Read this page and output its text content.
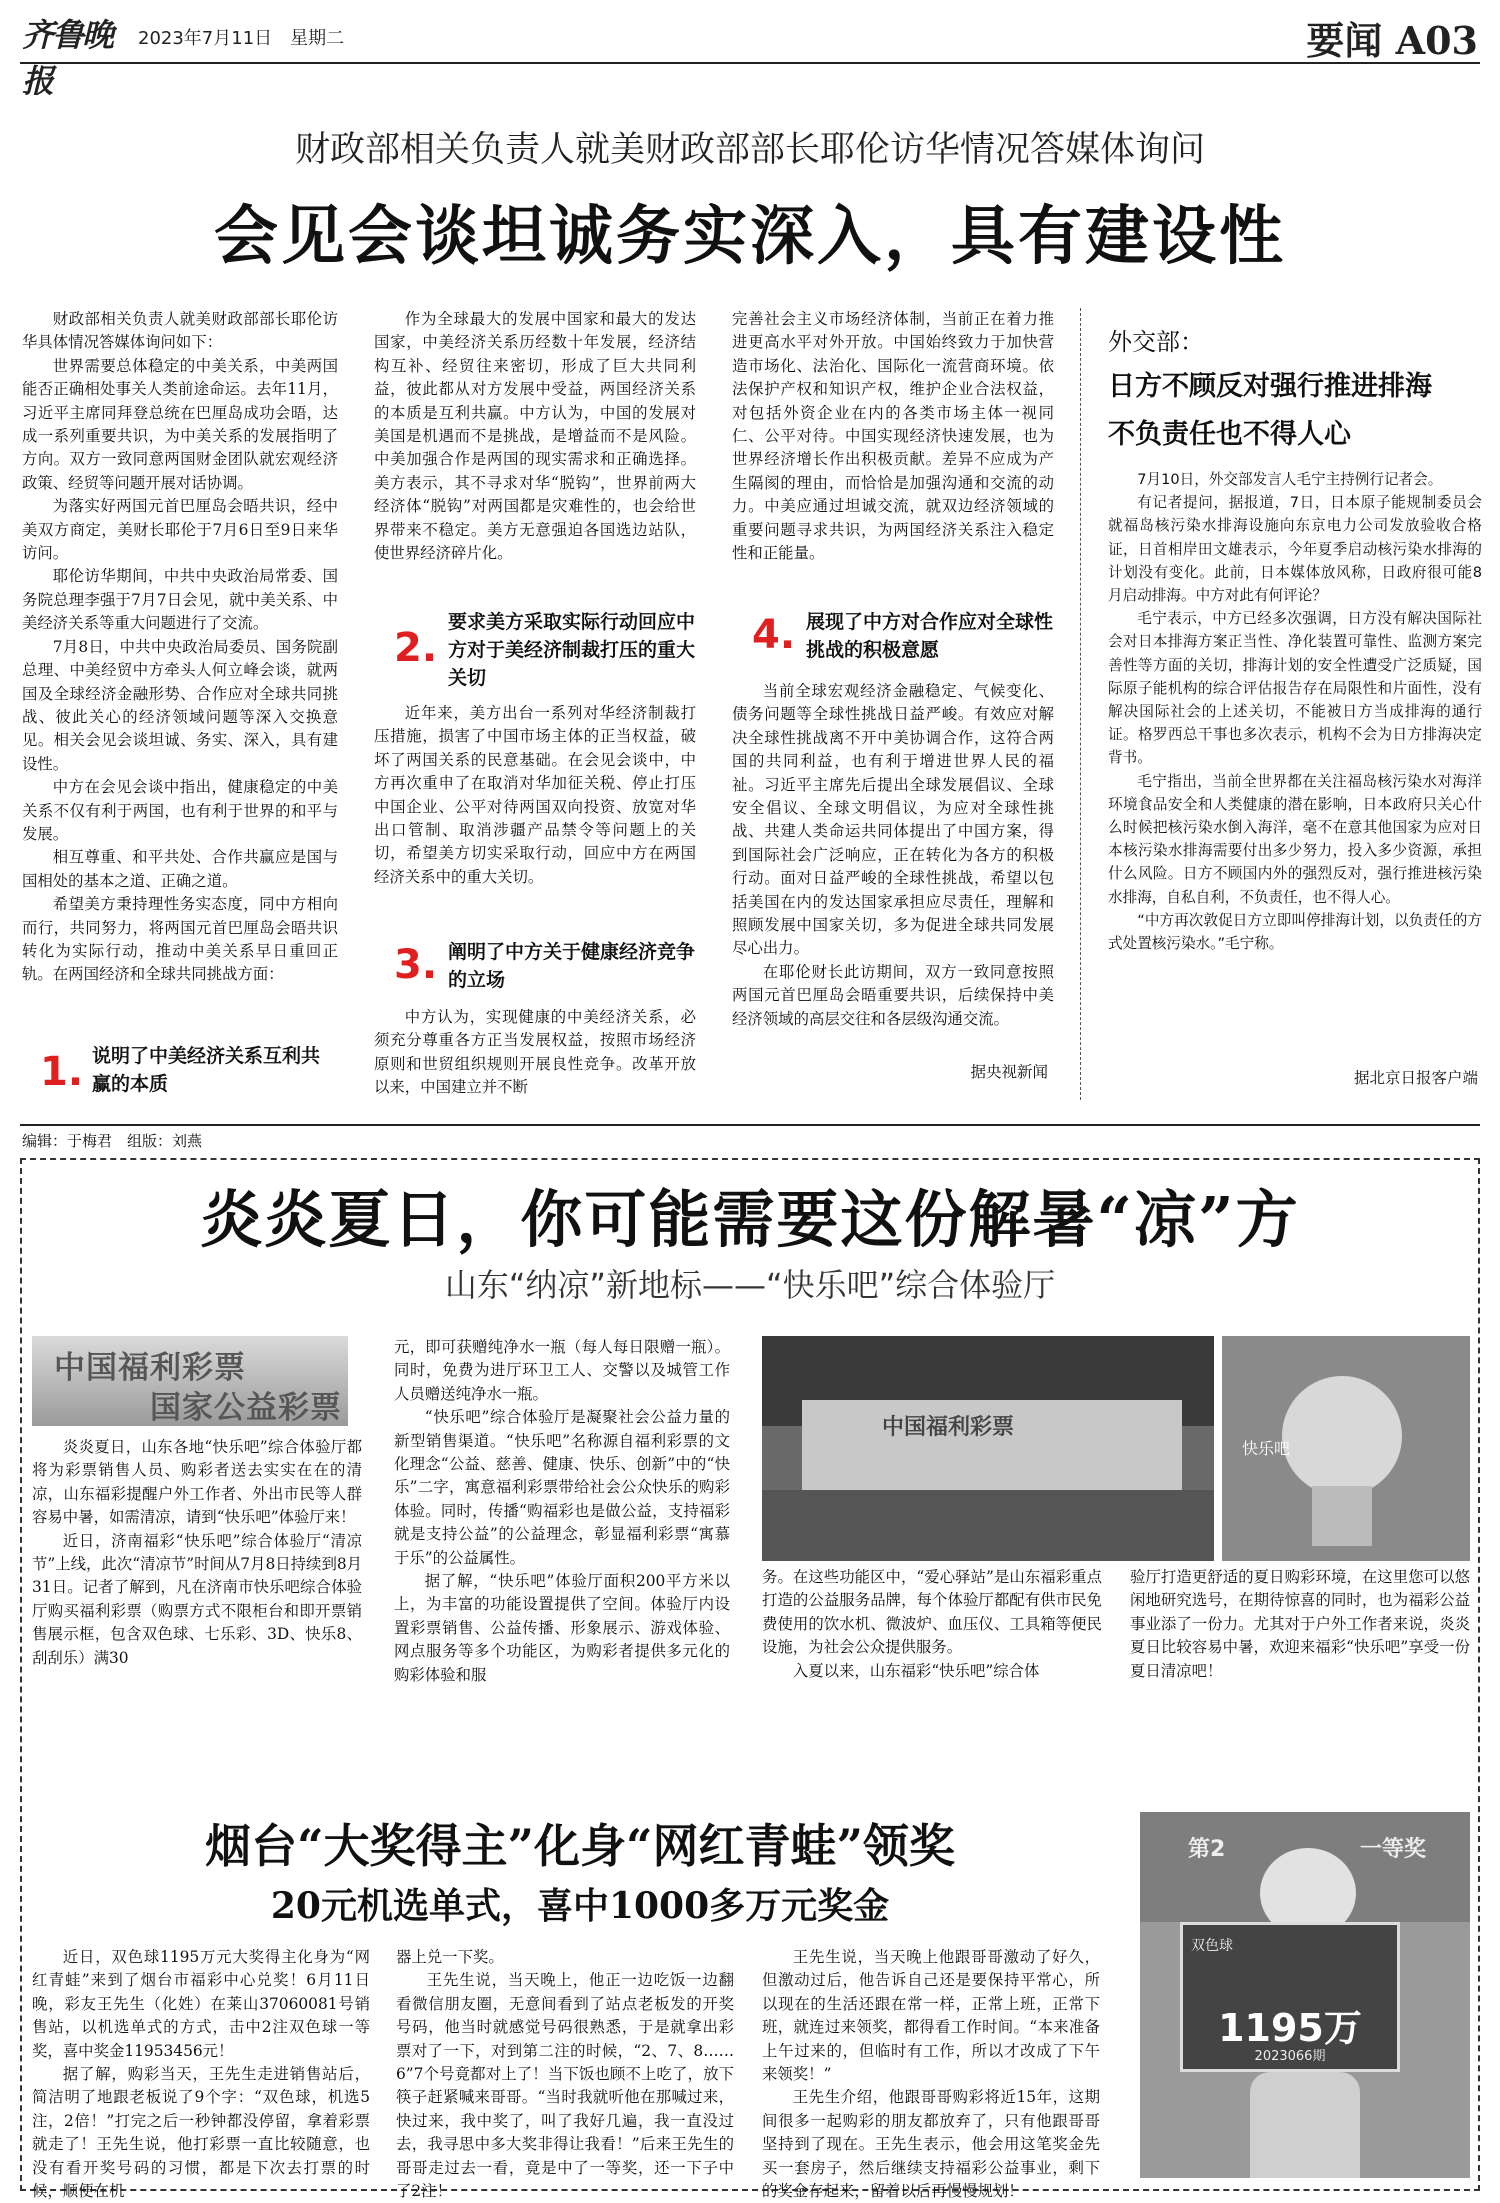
齐鲁晚报
2023年7月11日　星期二	要闻 A03
财政部相关负责人就美财政部部长耶伦访华情况答媒体询问
会见会谈坦诚务实深入，具有建设性

财政部相关负责人就美财政部部长耶伦访华具体情况答媒体询问如下：

世界需要总体稳定的中美关系，中美两国能否正确相处事关人类前途命运。去年11月，习近平主席同拜登总统在巴厘岛成功会晤，达成一系列重要共识，为中美关系的发展指明了方向。双方一致同意两国财金团队就宏观经济政策、经贸等问题开展对话协调。

为落实好两国元首巴厘岛会晤共识，经中美双方商定，美财长耶伦于7月6日至9日来华访问。

耶伦访华期间，中共中央政治局常委、国务院总理李强于7月7日会见，就中美关系、中美经济关系等重大问题进行了交流。

7月8日，中共中央政治局委员、国务院副总理、中美经贸中方牵头人何立峰会谈，就两国及全球经济金融形势、合作应对全球共同挑战、彼此关心的经济领域问题等深入交换意见。相关会见会谈坦诚、务实、深入，具有建设性。

中方在会见会谈中指出，健康稳定的中美关系不仅有利于两国，也有利于世界的和平与发展。

相互尊重、和平共处、合作共赢应是国与国相处的基本之道、正确之道。

希望美方秉持理性务实态度，同中方相向而行，共同努力，将两国元首巴厘岛会晤共识转化为实际行动，推动中美关系早日重回正轨。在两国经济和全球共同挑战方面：

1. 说明了中美经济关系互利共赢的本质

作为全球最大的发展中国家和最大的发达国家，中美经济关系历经数十年发展，经济结构互补、经贸往来密切，形成了巨大共同利益，彼此都从对方发展中受益，两国经济关系的本质是互利共赢。中方认为，中国的发展对美国是机遇而不是挑战，是增益而不是风险。中美加强合作是两国的现实需求和正确选择。美方表示，其不寻求对华“脱钩”，世界前两大经济体“脱钩”对两国都是灾难性的，也会给世界带来不稳定。美方无意强迫各国选边站队，使世界经济碎片化。

2.
要求美方采取实际行动回应中方对于美经济制裁打压的重大关切

近年来，美方出台一系列对华经济制裁打压措施，损害了中国市场主体的正当权益，破坏了两国关系的民意基础。在会见会谈中，中方再次重申了在取消对华加征关税、停止打压中国企业、公平对待两国双向投资、放宽对华出口管制、取消涉疆产品禁令等问题上的关切，希望美方切实采取行动，回应中方在两国经济关系中的重大关切。

3. 阐明了中方关于健康经济竞争的立场

中方认为，实现健康的中美经济关系，必须充分尊重各方正当发展权益，按照市场经济原则和世贸组织规则开展良性竞争。改革开放以来，中国建立并不断

完善社会主义市场经济体制，当前正在着力推进更高水平对外开放。中国始终致力于加快营造市场化、法治化、国际化一流营商环境。依法保护产权和知识产权，维护企业合法权益，对包括外资企业在内的各类市场主体一视同仁、公平对待。中国实现经济快速发展，也为世界经济增长作出积极贡献。差异不应成为产生隔阂的理由，而恰恰是加强沟通和交流的动力。中美应通过坦诚交流，就双边经济领域的重要问题寻求共识，为两国经济关系注入稳定性和正能量。

4. 展现了中方对合作应对全球性挑战的积极意愿

当前全球宏观经济金融稳定、气候变化、债务问题等全球性挑战日益严峻。有效应对解决全球性挑战离不开中美协调合作，这符合两国的共同利益，也有利于增进世界人民的福祉。习近平主席先后提出全球发展倡议、全球安全倡议、全球文明倡议，为应对全球性挑战、共建人类命运共同体提出了中国方案，得到国际社会广泛响应，正在转化为各方的积极行动。面对日益严峻的全球性挑战，希望以包括美国在内的发达国家承担应尽责任，理解和照顾发展中国家关切，多为促进全球共同发展尽心出力。

在耶伦财长此访期间，双方一致同意按照两国元首巴厘岛会晤重要共识，后续保持中美经济领域的高层交往和各层级沟通交流。

据央视新闻
外交部：
日方不顾反对强行推进排海
不负责任也不得人心

7月10日，外交部发言人毛宁主持例行记者会。

有记者提问，据报道，7日，日本原子能规制委员会就福岛核污染水排海设施向东京电力公司发放验收合格证，日首相岸田文雄表示，今年夏季启动核污染水排海的计划没有变化。此前，日本媒体放风称，日政府很可能8月启动排海。中方对此有何评论？

毛宁表示，中方已经多次强调，日方没有解决国际社会对日本排海方案正当性、净化装置可靠性、监测方案完善性等方面的关切，排海计划的安全性遭受广泛质疑，国际原子能机构的综合评估报告存在局限性和片面性，没有解决国际社会的上述关切，不能被日方当成排海的通行证。格罗西总干事也多次表示，机构不会为日方排海决定背书。

毛宁指出，当前全世界都在关注福岛核污染水对海洋环境食品安全和人类健康的潜在影响，日本政府只关心什么时候把核污染水倒入海洋，毫不在意其他国家为应对日本核污染水排海需要付出多少努力，投入多少资源，承担什么风险。日方不顾国内外的强烈反对，强行推进核污染水排海，自私自利，不负责任，也不得人心。

“中方再次敦促日方立即叫停排海计划，以负责任的方式处置核污染水。”毛宁称。

据北京日报客户端
编辑：于梅君　组版：刘燕
炎炎夏日，你可能需要这份解暑“凉”方
山东“纳凉”新地标——“快乐吧”综合体验厅
中国福利彩票
国家公益彩票

炎炎夏日，山东各地“快乐吧”综合体验厅都将为彩票销售人员、购彩者送去实实在在的清凉，山东福彩提醒户外工作者、外出市民等人群容易中暑，如需清凉，请到“快乐吧”体验厅来！

近日，济南福彩“快乐吧”综合体验厅“清凉节”上线，此次“清凉节”时间从7月8日持续到8月31日。记者了解到，凡在济南市快乐吧综合体验厅购买福利彩票（购票方式不限柜台和即开票销售展示框，包含双色球、七乐彩、3D、快乐8、刮刮乐）满30

元，即可获赠纯净水一瓶（每人每日限赠一瓶）。同时，免费为进厅环卫工人、交警以及城管工作人员赠送纯净水一瓶。

“快乐吧”综合体验厅是凝聚社会公益力量的新型销售渠道。“快乐吧”名称源自福利彩票的文化理念“公益、慈善、健康、快乐、创新”中的“快乐”二字，寓意福利彩票带给社会公众快乐的购彩体验。同时，传播“购福彩也是做公益，支持福彩就是支持公益”的公益理念，彰显福利彩票“寓慕于乐”的公益属性。

据了解，“快乐吧”体验厅面积200平方米以上，为丰富的功能设置提供了空间。体验厅内设置彩票销售、公益传播、形象展示、游戏体验、网点服务等多个功能区，为购彩者提供多元化的购彩体验和服

中国福利彩票
快乐吧

务。在这些功能区中，“爱心驿站”是山东福彩重点打造的公益服务品牌，每个体验厅都配有供市民免费使用的饮水机、微波炉、血压仪、工具箱等便民设施，为社会公众提供服务。

入夏以来，山东福彩“快乐吧”综合体

验厅打造更舒适的夏日购彩环境，在这里您可以悠闲地研究选号，在期待惊喜的同时，也为福彩公益事业添了一份力。尤其对于户外工作者来说，炎炎夏日比较容易中暑，欢迎来福彩“快乐吧”享受一份夏日清凉吧！

烟台“大奖得主”化身“网红青蛙”领奖
20元机选单式，喜中1000多万元奖金

近日，双色球1195万元大奖得主化身为“网红青蛙”来到了烟台市福彩中心兑奖！6月11日晚，彩友王先生（化姓）在莱山37060081号销售站，以机选单式的方式，击中2注双色球一等奖，喜中奖金11953456元！

据了解，购彩当天，王先生走进销售站后，简洁明了地跟老板说了9个字：“双色球，机选5注，2倍！”打完之后一秒钟都没停留，拿着彩票就走了！王先生说，他打彩票一直比较随意，也没有看开奖号码的习惯，都是下次去打票的时候，顺便在机

器上兑一下奖。

王先生说，当天晚上，他正一边吃饭一边翻看微信朋友圈，无意间看到了站点老板发的开奖号码，他当时就感觉号码很熟悉，于是就拿出彩票对了一下，对到第二注的时候，“2、7、8……6”7个号竟都对上了！当下饭也顾不上吃了，放下筷子赶紧喊来哥哥。“当时我就听他在那喊过来，快过来，我中奖了，叫了我好几遍，我一直没过去，我寻思中多大奖非得让我看！”后来王先生的哥哥走过去一看，竟是中了一等奖，还一下子中了2注！

王先生说，当天晚上他跟哥哥激动了好久，但激动过后，他告诉自己还是要保持平常心，所以现在的生活还跟在常一样，正常上班，正常下班，就连过来领奖，都得看工作时间。“本来准备上午过来的，但临时有工作，所以才改成了下午来领奖！”

王先生介绍，他跟哥哥购彩将近15年，这期间很多一起购彩的朋友都放弃了，只有他跟哥哥坚持到了现在。王先生表示，他会用这笔奖金先买一套房子，然后继续支持福彩公益事业，剩下的奖金存起来，留着以后再慢慢规划！

第2	一等奖
双色球
1195万
2023066期
